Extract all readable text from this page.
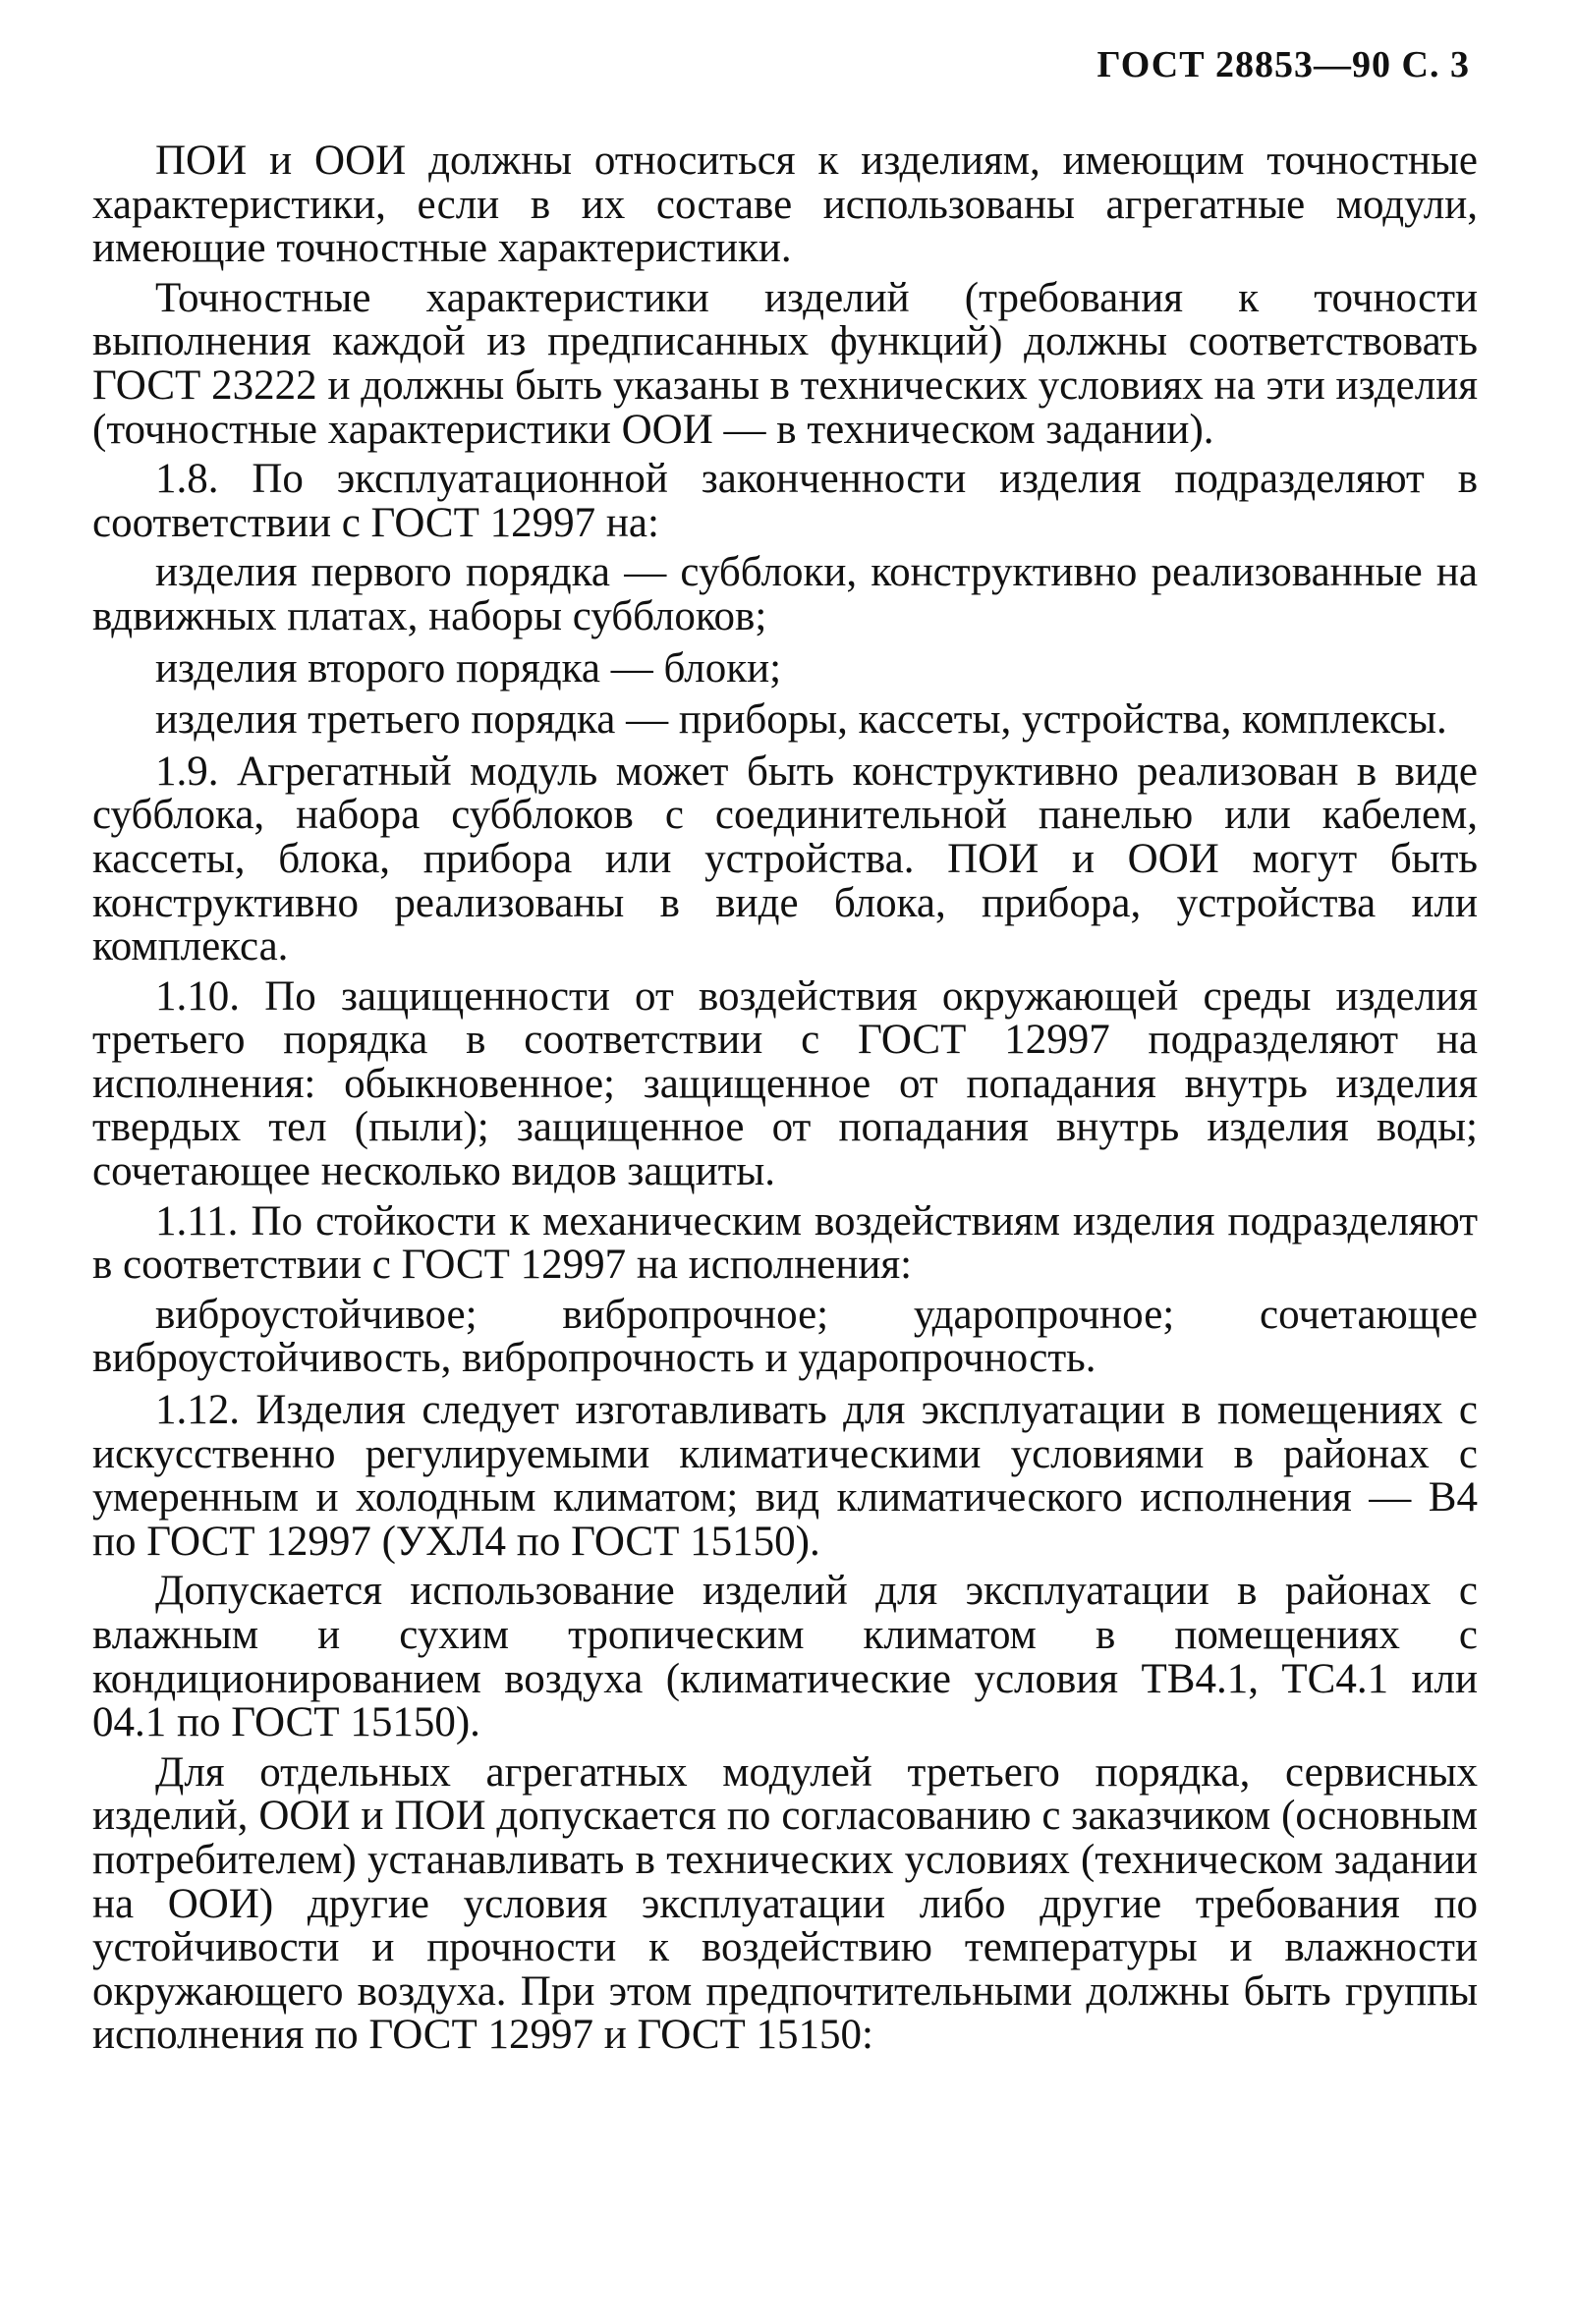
ГОСТ 28853—90 С. 3

ПОИ и ООИ должны относиться к изделиям, имеющим точностные характеристики, если в их составе использованы агрегатные модули, имеющие точностные характеристики.

Точностные характеристики изделий (требования к точности выполнения каждой из предписанных функций) должны соответствовать ГОСТ 23222 и должны быть указаны в технических условиях на эти изделия (точностные характеристики ООИ — в техническом задании).

1.8. По эксплуатационной законченности изделия подразделяют в соответствии с ГОСТ 12997 на:

изделия первого порядка — субблоки, конструктивно реализованные на вдвижных платах, наборы субблоков;

изделия второго порядка — блоки;

изделия третьего порядка — приборы, кассеты, устройства, комплексы.

1.9. Агрегатный модуль может быть конструктивно реализован в виде субблока, набора субблоков с соединительной панелью или кабелем, кассеты, блока, прибора или устройства. ПОИ и ООИ могут быть конструктивно реализованы в виде блока, прибора, устройства или комплекса.

1.10. По защищенности от воздействия окружающей среды изделия третьего порядка в соответствии с ГОСТ 12997 подразделяют на исполнения: обыкновенное; защищенное от попадания внутрь изделия твердых тел (пыли); защищенное от попадания внутрь изделия воды; сочетающее несколько видов защиты.

1.11. По стойкости к механическим воздействиям изделия подразделяют в соответствии с ГОСТ 12997 на исполнения:

виброустойчивое; вибропрочное; ударопрочное; сочетающее виброустойчивость, вибропрочность и ударопрочность.

1.12. Изделия следует изготавливать для эксплуатации в помещениях с искусственно регулируемыми климатическими условиями в районах с умеренным и холодным климатом; вид климатического исполнения — В4 по ГОСТ 12997 (УХЛ4 по ГОСТ 15150).

Допускается использование изделий для эксплуатации в районах с влажным и сухим тропическим климатом в помещениях с кондиционированием воздуха (климатические условия ТВ4.1, ТС4.1 или 04.1 по ГОСТ 15150).

Для отдельных агрегатных модулей третьего порядка, сервисных изделий, ООИ и ПОИ допускается по согласованию с заказчиком (основным потребителем) устанавливать в технических условиях (техническом задании на ООИ) другие условия эксплуатации либо другие требования по устойчивости и прочности к воздействию температуры и влажности окружающего воздуха. При этом предпочтительными должны быть группы исполнения по ГОСТ 12997 и ГОСТ 15150:
